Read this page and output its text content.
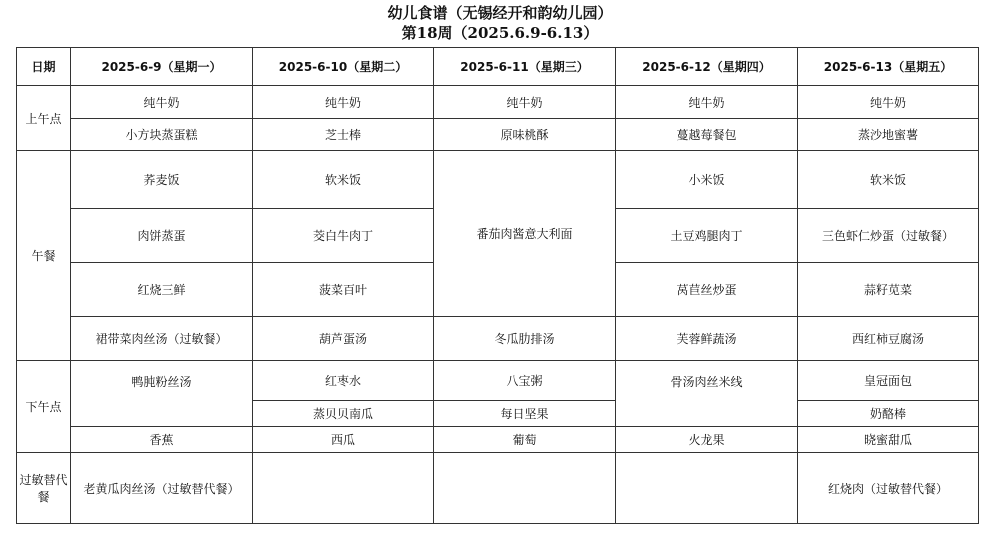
幼儿食谱（无锡经开和韵幼儿园）
第18周（2025.6.9-6.13）
日期	2025-6-9（星期一）	2025-6-10（星期二）	2025-6-11（星期三）	2025-6-12（星期四）	2025-6-13（星期五）
上午点	纯牛奶	纯牛奶	纯牛奶	纯牛奶	纯牛奶
	小方块蒸蛋糕	芝士棒	原味桃酥	蔓越莓餐包	蒸沙地蜜薯
午餐	荞麦饭	软米饭	番茄肉酱意大利面	小米饭	软米饭
	肉饼蒸蛋	茭白牛肉丁		土豆鸡腿肉丁	三色虾仁炒蛋（过敏餐）
	红烧三鲜	菠菜百叶		莴苣丝炒蛋	蒜籽苋菜
	裙带菜肉丝汤（过敏餐）	葫芦蛋汤	冬瓜肋排汤	芙蓉鲜蔬汤	西红柿豆腐汤
下午点	鸭肫粉丝汤	红枣水	八宝粥	骨汤肉丝米线	皇冠面包
		蒸贝贝南瓜	每日坚果		奶酪棒
	香蕉	西瓜	葡萄	火龙果	晓蜜甜瓜
过敏替代餐	老黄瓜肉丝汤（过敏替代餐）				红烧肉（过敏替代餐）
